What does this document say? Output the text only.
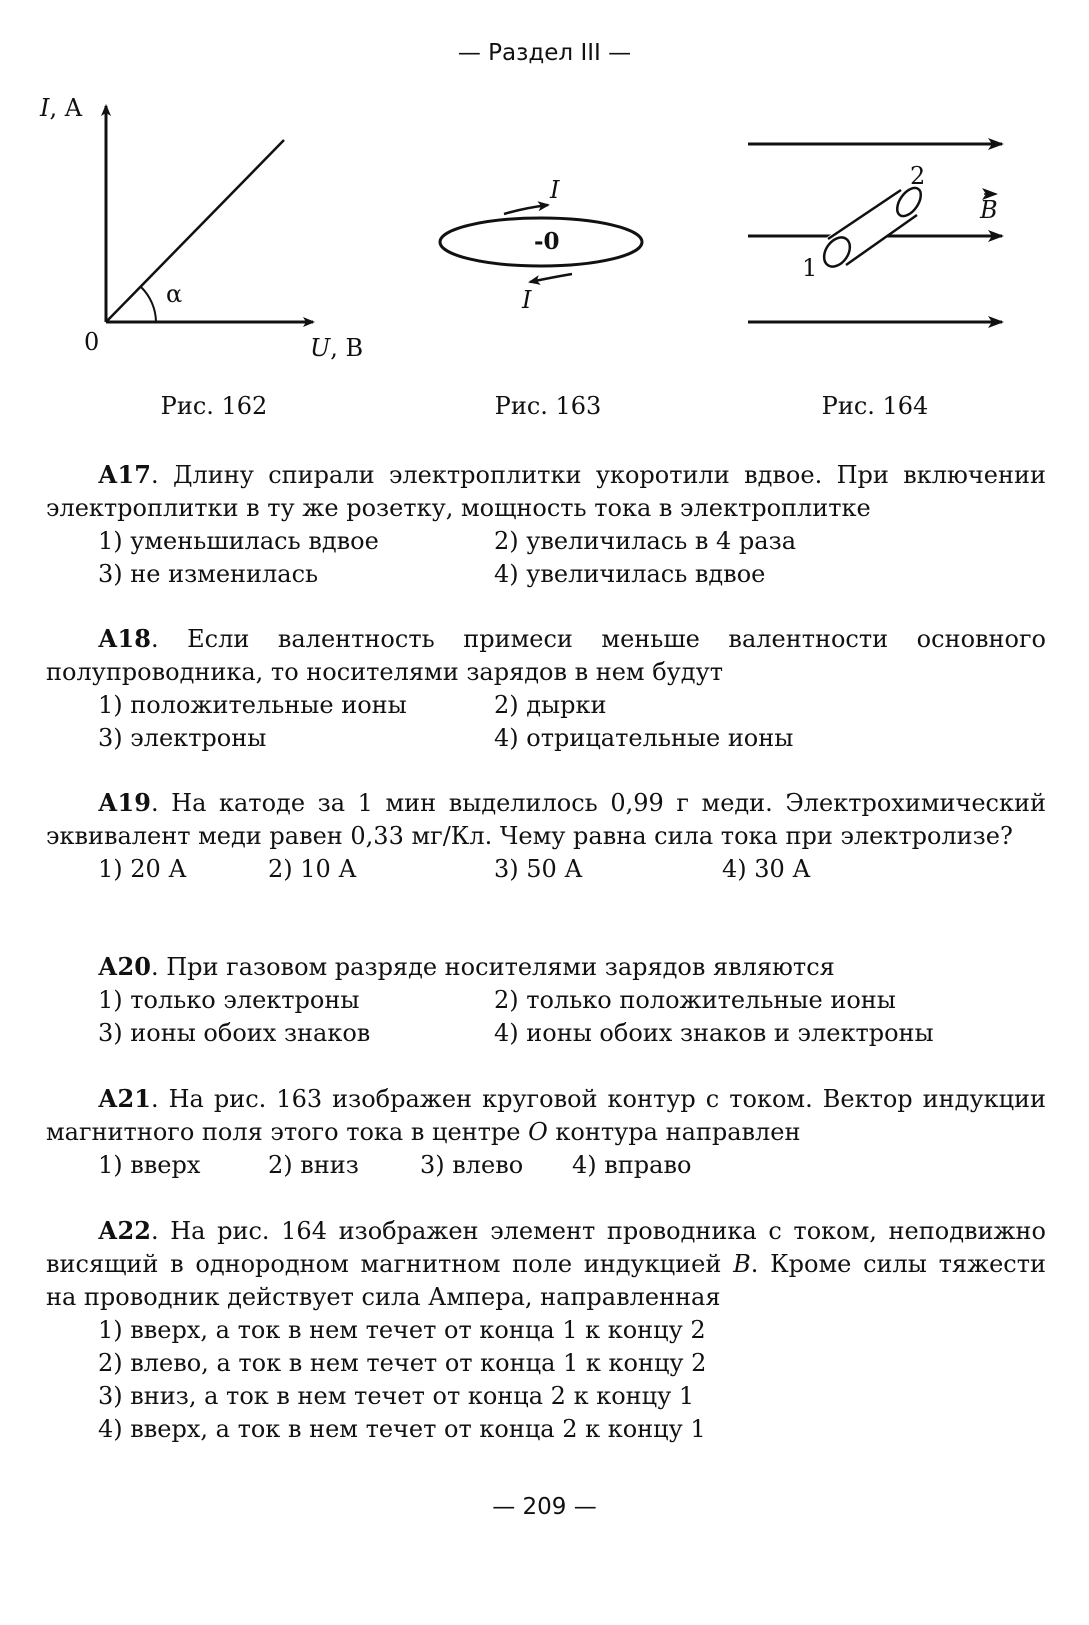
— Раздел III —
I, A
U, B
0
α
I
I
-0
1
2
B
Рис. 162	Рис. 163	Рис. 164

А17. Длину спирали электроплитки укоротили вдвое. При включении электроплитки в ту же розетку, мощность тока в электроплитке

1) уменьшилась вдвое	2) увеличилась в 4 раза
3) не изменилась	4) увеличилась вдвое

А18. Если валентность примеси меньше валентности основного полупроводника, то носителями зарядов в нем будут

1) положительные ионы	2) дырки
3) электроны	4) отрицательные ионы

А19. На катоде за 1 мин выделилось 0,99 г меди. Электрохимический эквивалент меди равен 0,33 мг/Кл. Чему равна сила тока при электролизе?

1) 20 А	2) 10 А	3) 50 А	4) 30 А

А20. При газовом разряде носителями зарядов являются

1) только электроны	2) только положительные ионы
3) ионы обоих знаков	4) ионы обоих знаков и электроны

А21. На рис. 163 изображен круговой контур с током. Вектор индукции магнитного поля этого тока в центре O контура направлен

1) вверх	2) вниз	3) влево 4) вправо

А22. На рис. 164 изображен элемент проводника с током, неподвижно висящий в однородном магнитном поле индукцией B. Кроме силы тяжести на проводник действует сила Ампера, направленная

1) вверх, а ток в нем течет от конца 1 к концу 2
2) влево, а ток в нем течет от конца 1 к концу 2
3) вниз, а ток в нем течет от конца 2 к концу 1
4) вверх, а ток в нем течет от конца 2 к концу 1
— 209 —
